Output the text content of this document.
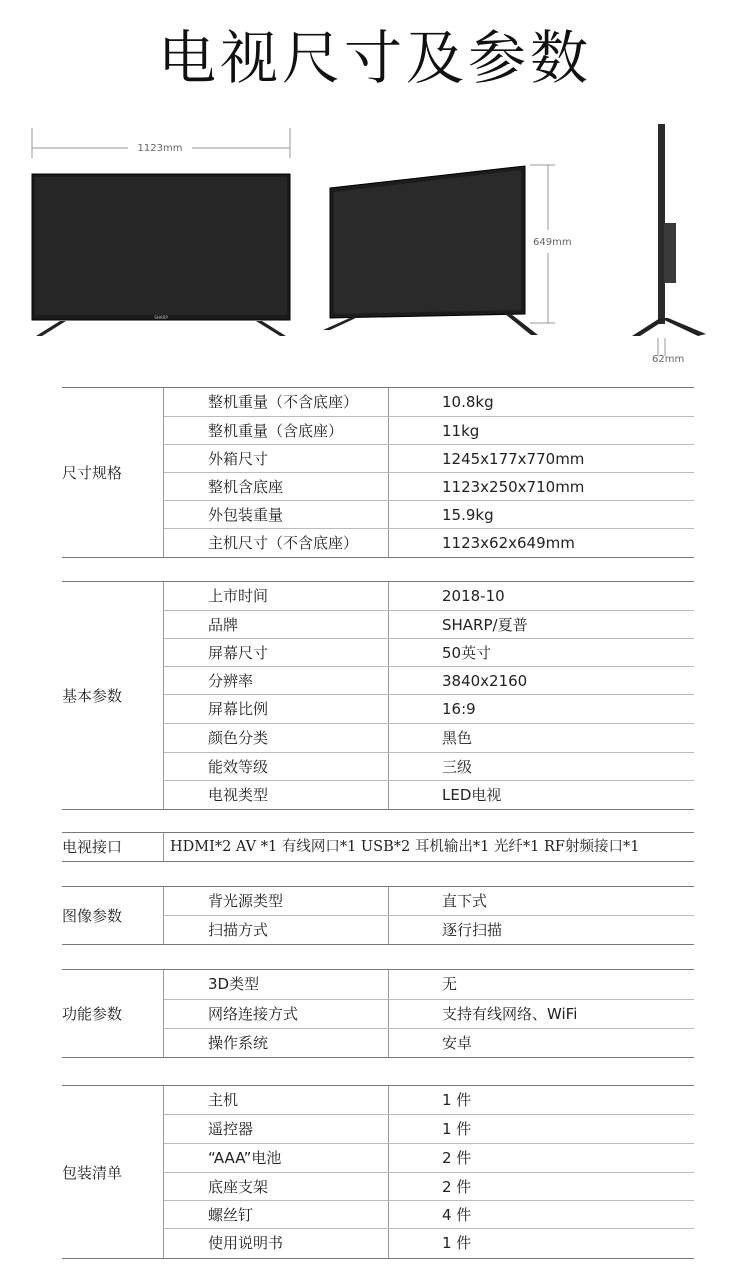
电视尺寸及参数
1123mm
SHARP
649mm
62mm
尺寸规格
整机重量（不含底座）	10.8kg
整机重量（含底座）	11kg
外箱尺寸	1245x177x770mm
整机含底座	1123x250x710mm
外包装重量	15.9kg
主机尺寸（不含底座）	1123x62x649mm
基本参数
上市时间	2018-10
品牌	SHARP/夏普
屏幕尺寸	50英寸
分辨率	3840x2160
屏幕比例	16:9
颜色分类	黑色
能效等级	三级
电视类型	LED电视
电视接口	HDMI*2 AV *1 有线网口*1 USB*2 耳机输出*1 光纤*1 RF射频接口*1
图像参数
背光源类型	直下式
扫描方式	逐行扫描
功能参数
3D类型	无
网络连接方式	支持有线网络、WiFi
操作系统	安卓
包装清单
主机	1 件
遥控器	1 件
“AAA”电池	2 件
底座支架	2 件
螺丝钉	4 件
使用说明书	1 件
